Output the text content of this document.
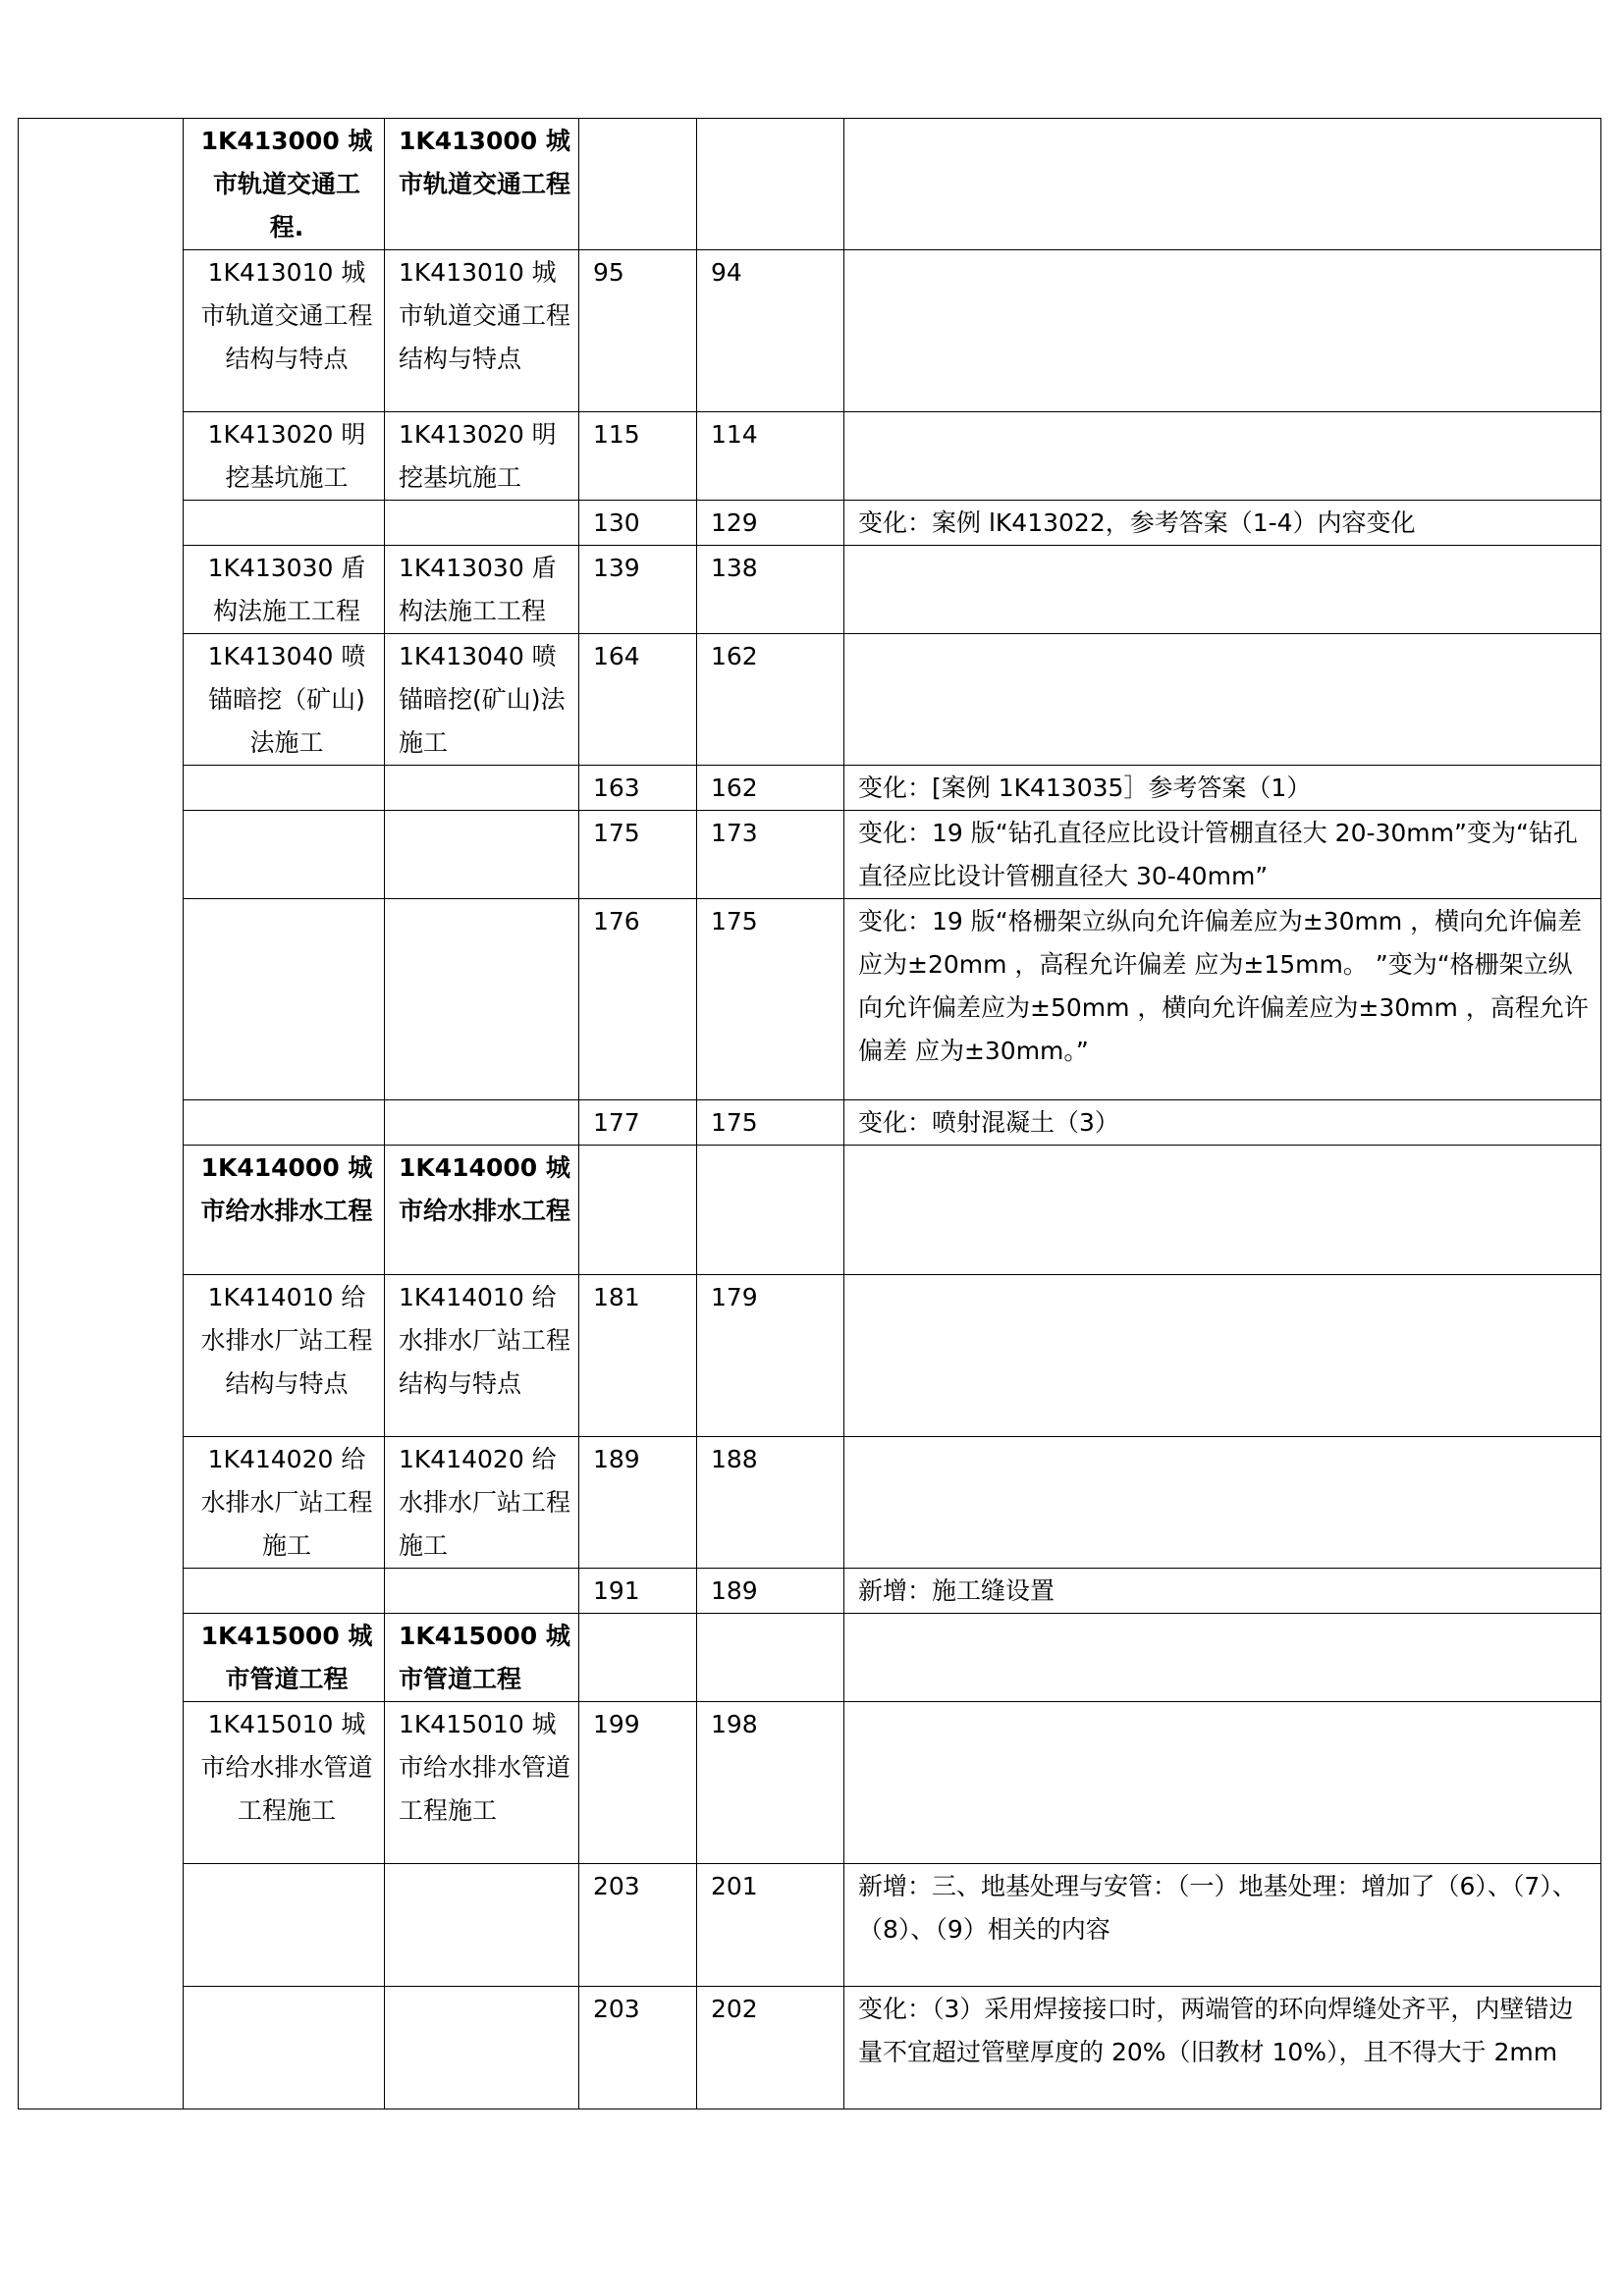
	1K413000 城市轨道交通工程.	1K413000 城市轨道交通工程			
	1K413010 城市轨道交通工程结构与特点	1K413010 城市轨道交通工程结构与特点	95	94	
	1K413020 明挖基坑施工	1K413020 明挖基坑施工	115	114	
			130	129	变化：案例 lK413022，参考答案（1-4）内容变化
	1K413030 盾构法施工工程	1K413030 盾构法施工工程	139	138	
	1K413040 喷锚暗挖（矿山)法施工	1K413040 喷锚暗挖(矿山)法施工	164	162	
			163	162	变化：[案例 1K413035］参考答案（1）
			175	173	变化：19 版“钻孔直径应比设计管棚直径大 20-30mm”变为“钻孔直径应比设计管棚直径大 30-40mm”
			176	175	变化：19 版“格栅架立纵向允许偏差应为±30mm ，横向允许偏差应为±20mm ，高程允许偏差 应为±15mm。 ”变为“格栅架立纵向允许偏差应为±50mm ，横向允许偏差应为±30mm ，高程允许偏差 应为±30mm。”
			177	175	变化：喷射混凝土（3）
	1K414000 城市给水排水工程	1K414000 城市给水排水工程			
	1K414010 给水排水厂站工程结构与特点	1K414010 给水排水厂站工程结构与特点	181	179	
	1K414020 给水排水厂站工程施工	1K414020 给水排水厂站工程施工	189	188	
			191	189	新增：施工缝设置
	1K415000 城市管道工程	1K415000 城市管道工程			
	1K415010 城市给水排水管道工程施工	1K415010 城市给水排水管道工程施工	199	198	
			203	201	新增：三、地基处理与安管：（一）地基处理：增加了（6）、（7）、（8）、（9）相关的内容
			203	202	变化：（3）采用焊接接口时，两端管的环向焊缝处齐平，内壁错边量不宜超过管壁厚度的 20%（旧教材 10%），且不得大于 2mm
